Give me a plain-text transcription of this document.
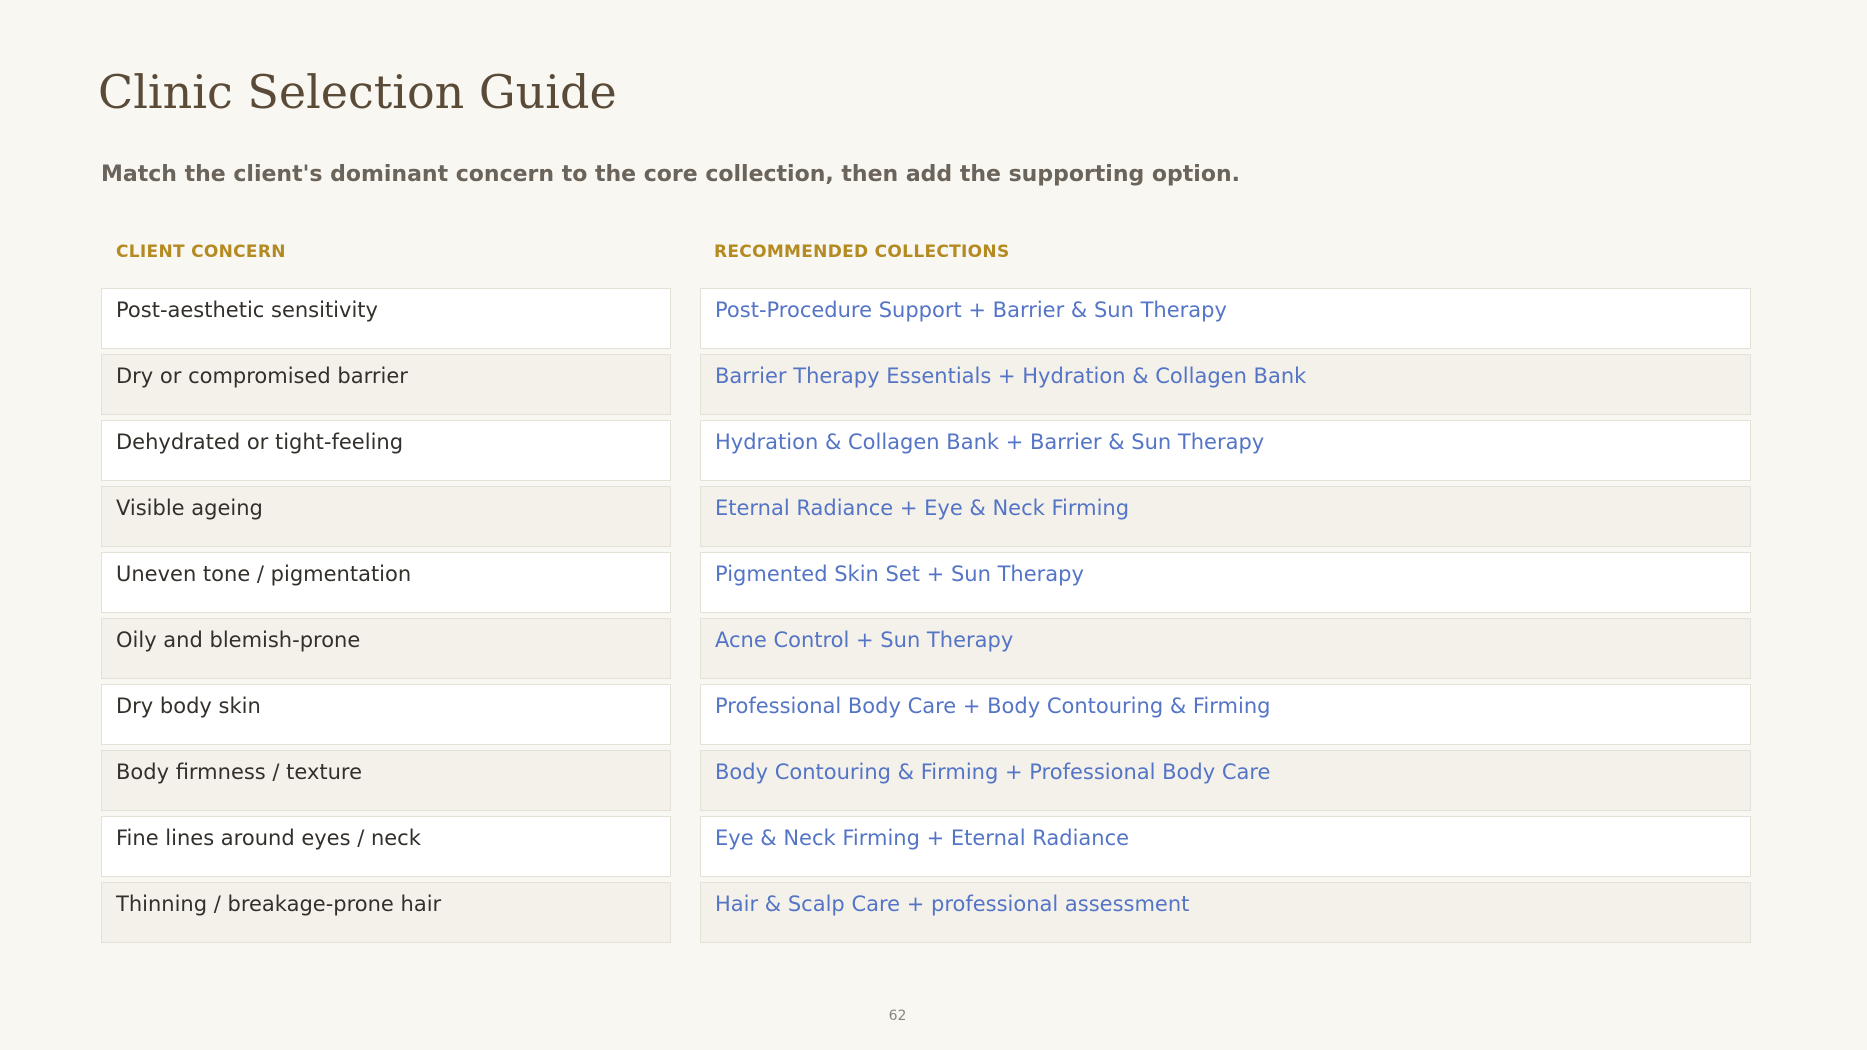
Clinic Selection Guide

Match the client's dominant concern to the core collection, then add the supporting option.

CLIENT CONCERN	RECOMMENDED COLLECTIONS
Post-aesthetic sensitivity	Post-Procedure Support + Barrier & Sun Therapy
Dry or compromised barrier	Barrier Therapy Essentials + Hydration & Collagen Bank
Dehydrated or tight-feeling	Hydration & Collagen Bank + Barrier & Sun Therapy
Visible ageing	Eternal Radiance + Eye & Neck Firming
Uneven tone / pigmentation	Pigmented Skin Set + Sun Therapy
Oily and blemish-prone	Acne Control + Sun Therapy
Dry body skin	Professional Body Care + Body Contouring & Firming
Body firmness / texture	Body Contouring & Firming + Professional Body Care
Fine lines around eyes / neck	Eye & Neck Firming + Eternal Radiance
Thinning / breakage-prone hair	Hair & Scalp Care + professional assessment
62
